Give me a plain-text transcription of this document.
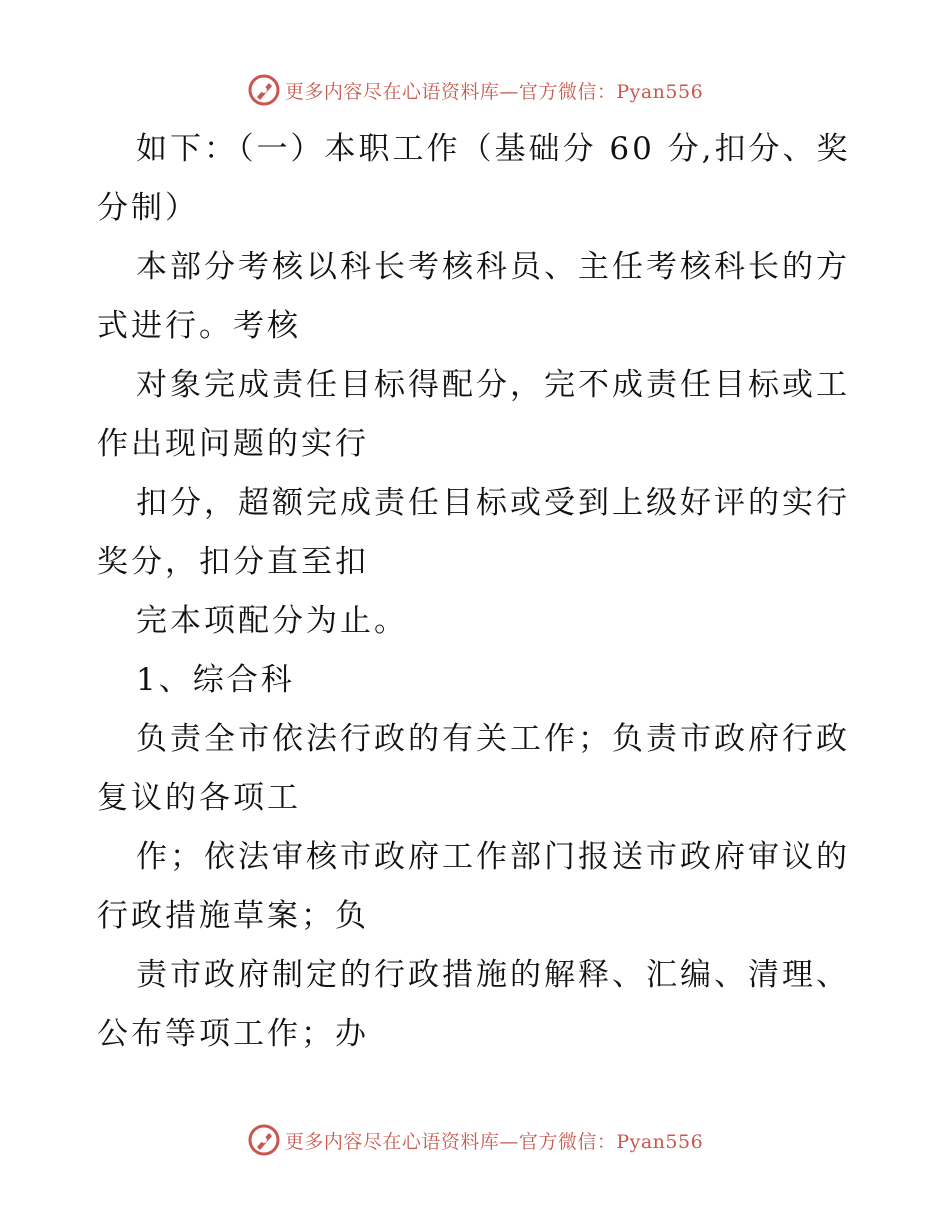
更多内容尽在心语资料库—官方微信：Pyan556

如下：（一）本职工作（基础分 60 分,扣分、奖分制）

本部分考核以科长考核科员、主任考核科长的方式进行。考核

对象完成责任目标得配分，完不成责任目标或工作出现问题的实行

扣分，超额完成责任目标或受到上级好评的实行奖分，扣分直至扣

完本项配分为止。

1、综合科

负责全市依法行政的有关工作；负责市政府行政复议的各项工

作；依法审核市政府工作部门报送市政府审议的行政措施草案；负

责市政府制定的行政措施的解释、汇编、清理、公布等项工作；办

更多内容尽在心语资料库—官方微信：Pyan556
